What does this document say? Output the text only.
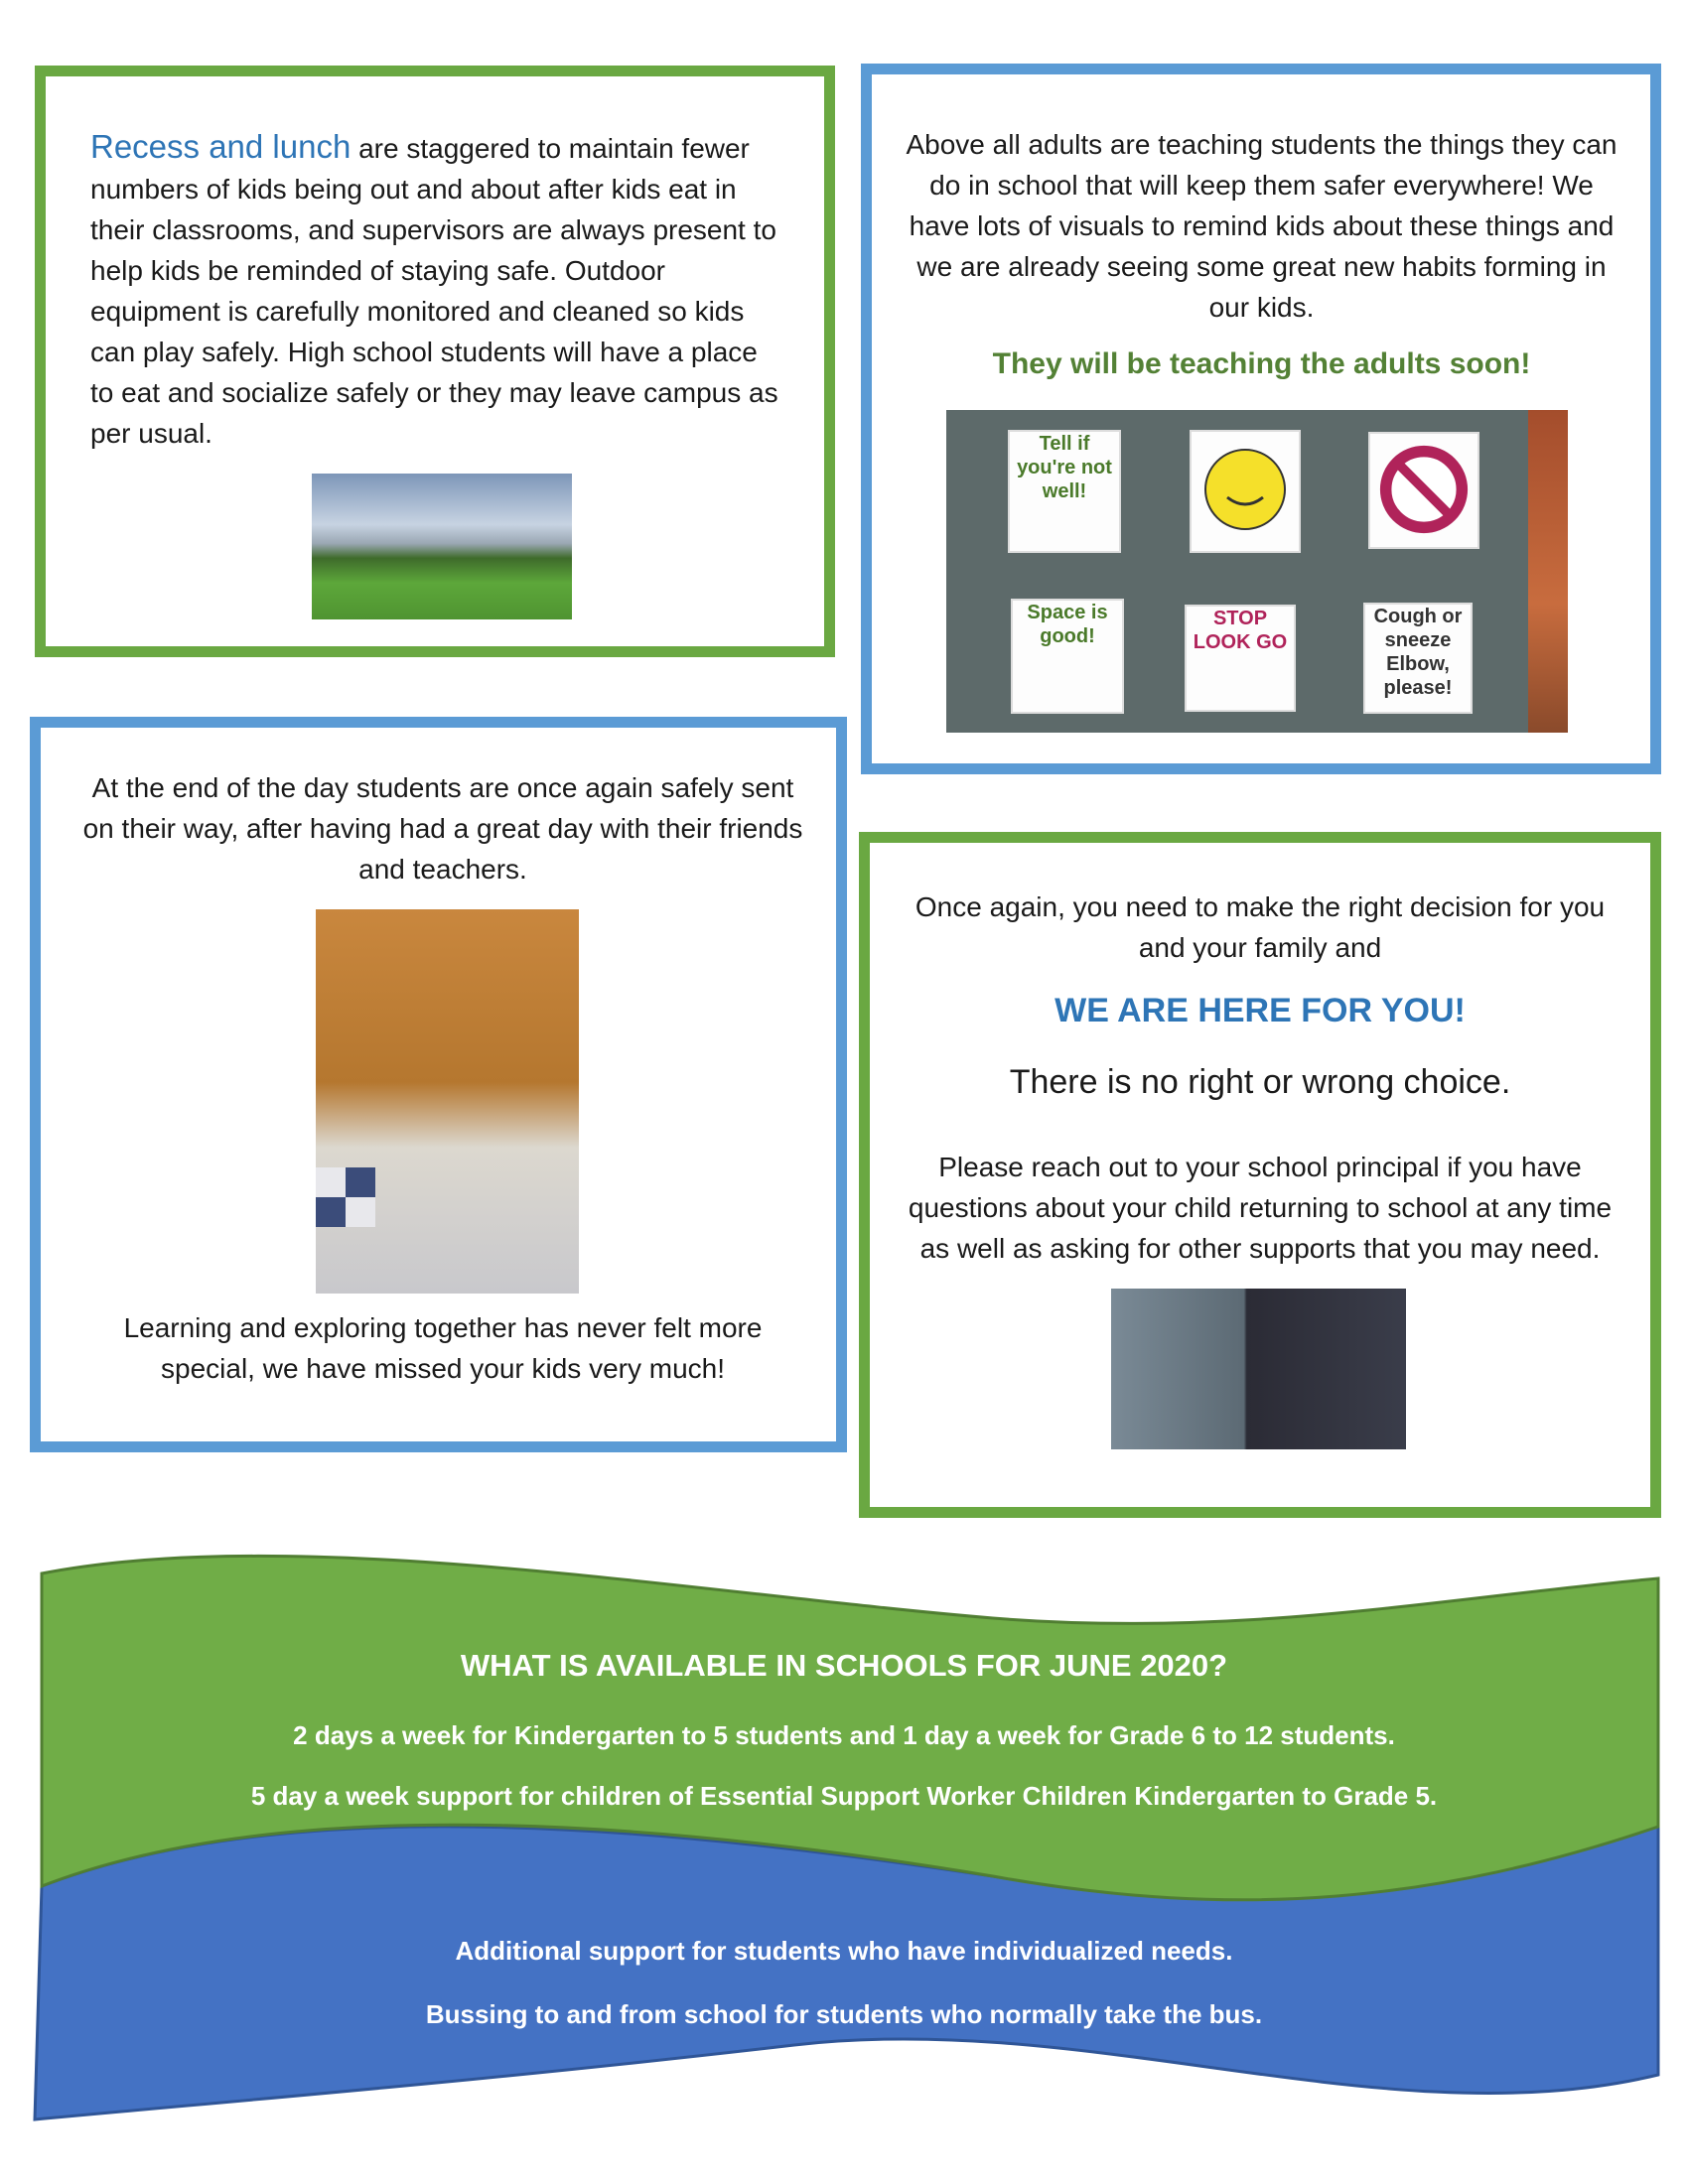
Recess and lunch are staggered to maintain fewer numbers of kids being out and about after kids eat in their classrooms, and supervisors are always present to help kids be reminded of staying safe. Outdoor equipment is carefully monitored and cleaned so kids can play safely. High school students will have a place to eat and socialize safely or they may leave campus as per usual.
Above all adults are teaching students the things they can do in school that will keep them safer everywhere! We have lots of visuals to remind kids about these things and we are already seeing some great new habits forming in our kids.
They will be teaching the adults soon!
Tell if you're not well!
Space is good!
STOP LOOK GO
Cough or sneeze Elbow, please!
At the end of the day students are once again safely sent on their way, after having had a great day with their friends and teachers.
Learning and exploring together has never felt more special, we have missed your kids very much!
Once again, you need to make the right decision for you and your family and
WE ARE HERE FOR YOU!
There is no right or wrong choice.
Please reach out to your school principal if you have questions about your child returning to school at any time as well as asking for other supports that you may need.
WHAT IS AVAILABLE IN SCHOOLS FOR JUNE 2020?
2 days a week for Kindergarten to 5 students and 1 day a week for Grade 6 to 12 students.
5 day a week support for children of Essential Support Worker Children Kindergarten to Grade 5.
Additional support for students who have individualized needs.
Bussing to and from school for students who normally take the bus.
